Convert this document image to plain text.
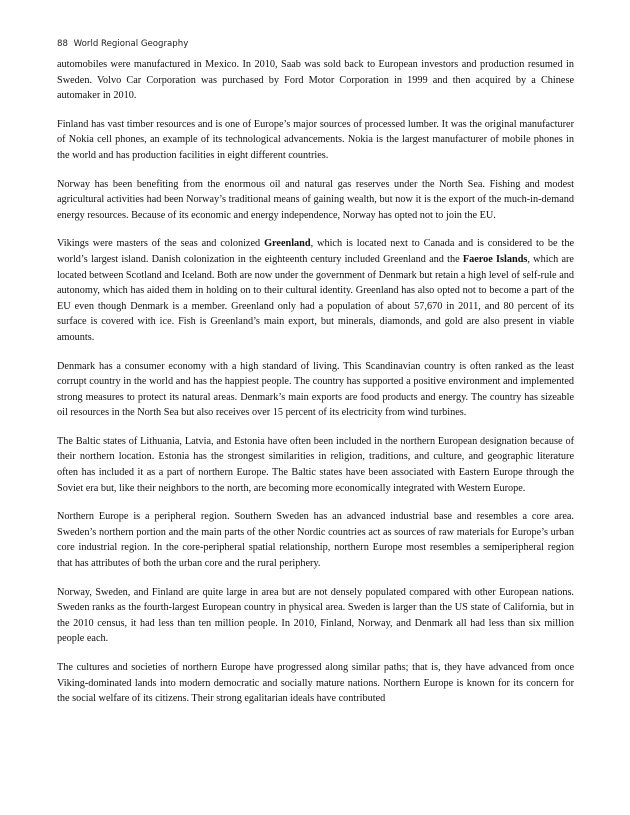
88 World Regional Geography

automobiles were manufactured in Mexico. In 2010, Saab was sold back to European investors and production resumed in Sweden. Volvo Car Corporation was purchased by Ford Motor Corporation in 1999 and then acquired by a Chinese automaker in 2010.

Finland has vast timber resources and is one of Europe’s major sources of processed lumber. It was the original manufacturer of Nokia cell phones, an example of its technological advancements. Nokia is the largest manufacturer of mobile phones in the world and has production facilities in eight different countries.

Norway has been benefiting from the enormous oil and natural gas reserves under the North Sea. Fishing and modest agricultural activities had been Norway’s traditional means of gaining wealth, but now it is the export of the much-in-demand energy resources. Because of its economic and energy independence, Norway has opted not to join the EU.

Vikings were masters of the seas and colonized Greenland, which is located next to Canada and is considered to be the world’s largest island. Danish colonization in the eighteenth century included Greenland and the Faeroe Islands, which are located between Scotland and Iceland. Both are now under the government of Denmark but retain a high level of self-rule and autonomy, which has aided them in holding on to their cultural identity. Greenland has also opted not to become a part of the EU even though Denmark is a member. Greenland only had a population of about 57,670 in 2011, and 80 percent of its surface is covered with ice. Fish is Greenland’s main export, but minerals, diamonds, and gold are also present in viable amounts.

Denmark has a consumer economy with a high standard of living. This Scandinavian country is often ranked as the least corrupt country in the world and has the happiest people. The country has supported a positive environment and implemented strong measures to protect its natural areas. Denmark’s main exports are food products and energy. The country has sizeable oil resources in the North Sea but also receives over 15 percent of its electricity from wind turbines.

The Baltic states of Lithuania, Latvia, and Estonia have often been included in the northern European designation because of their northern location. Estonia has the strongest similarities in religion, traditions, and culture, and geographic literature often has included it as a part of northern Europe. The Baltic states have been associated with Eastern Europe through the Soviet era but, like their neighbors to the north, are becoming more economically integrated with Western Europe.

Northern Europe is a peripheral region. Southern Sweden has an advanced industrial base and resembles a core area. Sweden’s northern portion and the main parts of the other Nordic countries act as sources of raw materials for Europe’s urban core industrial region. In the core-peripheral spatial relationship, northern Europe most resembles a semiperipheral region that has attributes of both the urban core and the rural periphery.

Norway, Sweden, and Finland are quite large in area but are not densely populated compared with other European nations. Sweden ranks as the fourth-largest European country in physical area. Sweden is larger than the US state of California, but in the 2010 census, it had less than ten million people. In 2010, Finland, Norway, and Denmark all had less than six million people each.

The cultures and societies of northern Europe have progressed along similar paths; that is, they have advanced from once Viking-dominated lands into modern democratic and socially mature nations. Northern Europe is known for its concern for the social welfare of its citizens. Their strong egalitarian ideals have contributed
